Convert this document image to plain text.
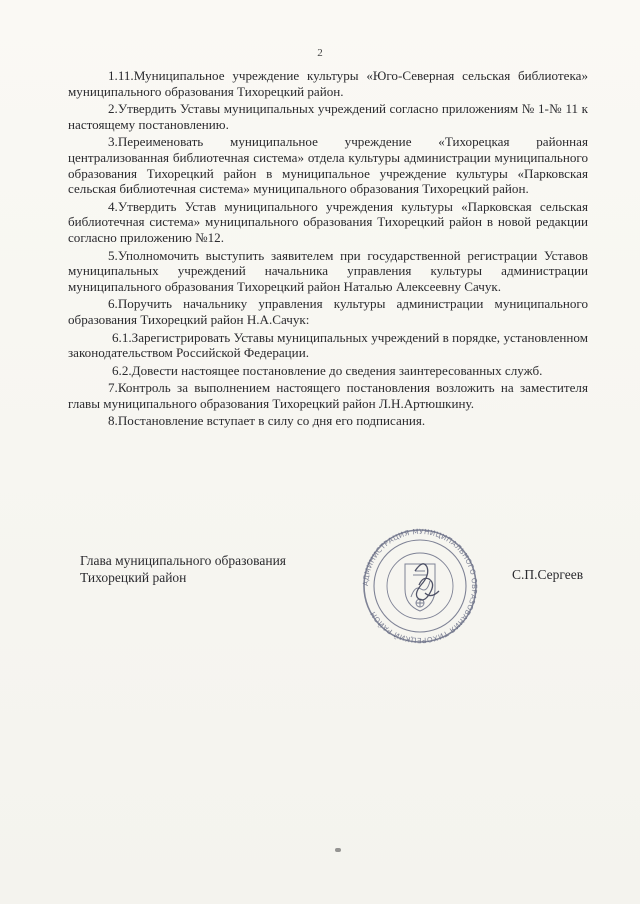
2

1.11.Муниципальное учреждение культуры «Юго-Северная сельская библиотека» муниципального образования Тихорецкий район.

2.Утвердить Уставы муниципальных учреждений согласно приложениям № 1-№ 11 к настоящему постановлению.

3.Переименовать муниципальное учреждение «Тихорецкая районная централизованная библиотечная система» отдела культуры администрации муниципального образования Тихорецкий район в муниципальное учреждение культуры «Парковская сельская библиотечная система» муниципального образования Тихорецкий район.

4.Утвердить Устав муниципального учреждения культуры «Парковская сельская библиотечная система» муниципального образования Тихорецкий район в новой редакции согласно приложению №12.

5.Уполномочить выступить заявителем при государственной регистрации Уставов муниципальных учреждений начальника управления культуры администрации муниципального образования Тихорецкий район Наталью Алексеевну Сачук.

6.Поручить начальнику управления культуры администрации муниципального образования Тихорецкий район Н.А.Сачук:

6.1.Зарегистрировать Уставы муниципальных учреждений в порядке, установленном законодательством Российской Федерации.

6.2.Довести настоящее постановление до сведения заинтересованных служб.

7.Контроль за выполнением настоящего постановления возложить на заместителя главы муниципального образования Тихорецкий район Л.Н.Артюшкину.

8.Постановление вступает в силу со дня его подписания.

Глава муниципального образования
Тихорецкий район	АДМИНИСТРАЦИЯ МУНИЦИПАЛЬНОГО ОБРАЗОВАНИЯ ТИХОРЕЦКИЙ РАЙОН
С.П.Сергеев
